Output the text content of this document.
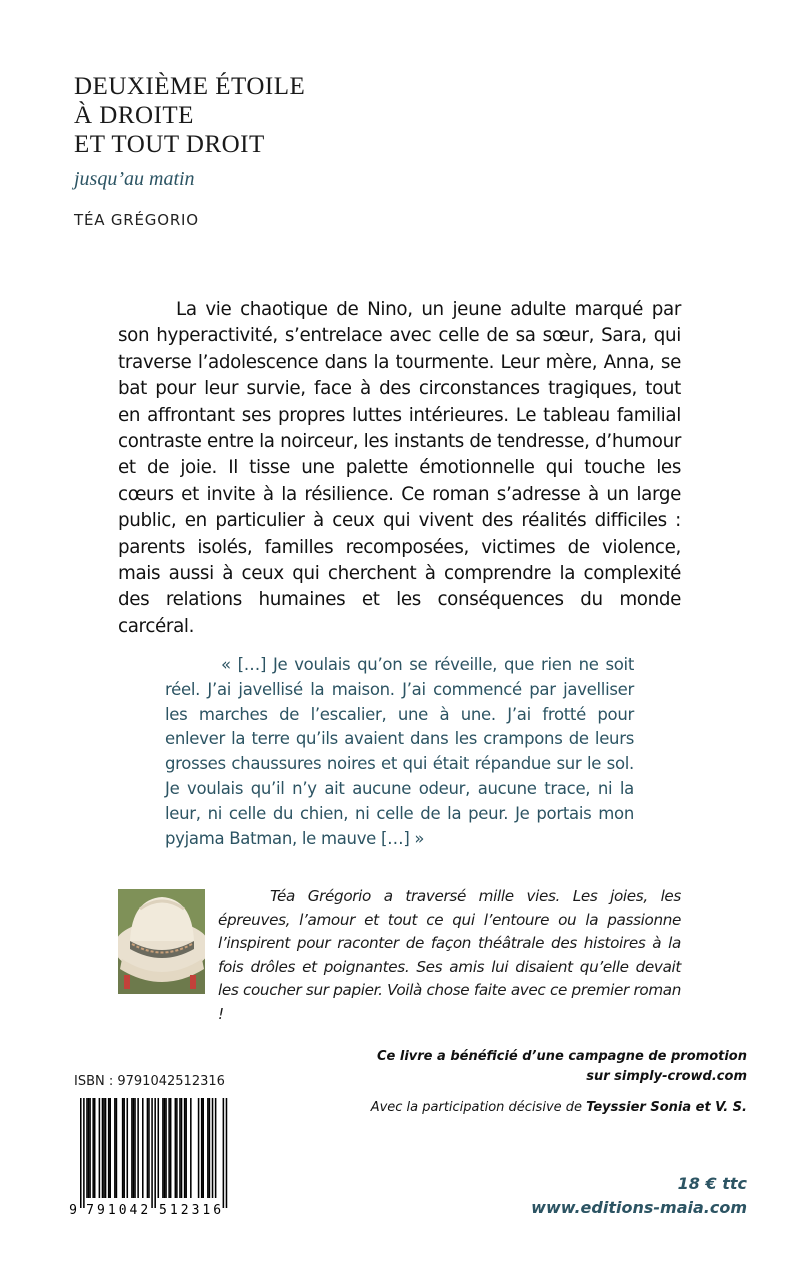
DEUXIÈME ÉTOILE
À DROITE
ET TOUT DROIT
jusqu’au matin
TÉA GRÉGORIO

La vie chaotique de Nino, un jeune adulte marqué par son hyperactivité, s’entrelace avec celle de sa sœur, Sara, qui traverse l’adolescence dans la tourmente. Leur mère, Anna, se bat pour leur survie, face à des circonstances tragiques, tout en affrontant ses propres luttes intérieures. Le tableau familial contraste entre la noirceur, les instants de tendresse, d’humour et de joie. Il tisse une palette émotionnelle qui touche les cœurs et invite à la résilience. Ce roman s’adresse à un large public, en particulier à ceux qui vivent des réalités difficiles : parents isolés, familles recomposées, victimes de violence, mais aussi à ceux qui cherchent à comprendre la complexité des relations humaines et les conséquences du monde carcéral.

« […] Je voulais qu’on se réveille, que rien ne soit réel. J’ai javellisé la maison. J’ai commencé par javelliser les marches de l’escalier, une à une. J’ai frotté pour enlever la terre qu’ils avaient dans les crampons de leurs grosses chaussures noires et qui était répandue sur le sol. Je voulais qu’il n’y ait aucune odeur, aucune trace, ni la leur, ni celle du chien, ni celle de la peur. Je portais mon pyjama Batman, le mauve […] »

Téa Grégorio a traversé mille vies. Les joies, les épreuves, l’amour et tout ce qui l’entoure ou la passionne l’inspirent pour raconter de façon théâtrale des histoires à la fois drôles et poignantes. Ses amis lui disaient qu’elle devait les coucher sur papier. Voilà chose faite avec ce premier roman !

ISBN : 9791042512316
9 7 9 1 0 4 2 5 1 2 3 1 6
Ce livre a bénéficié d’une campagne de promotion
sur simply-crowd.com
Avec la participation décisive de Teyssier Sonia et V. S.
18 € ttc
www.editions-maia.com
